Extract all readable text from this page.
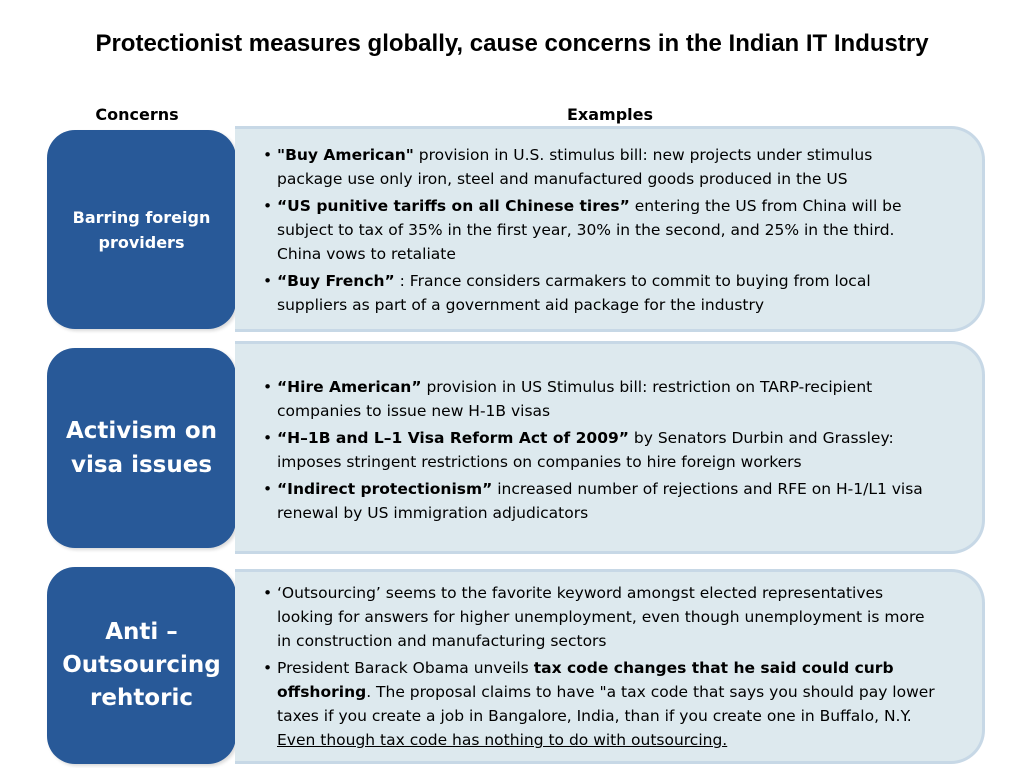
Protectionist measures globally, cause concerns in the Indian IT Industry
Concerns	Examples
Barring foreign
providers
• "Buy American" provision in U.S. stimulus bill: new projects under stimulus package use only iron, steel and manufactured goods produced in the US
• “US punitive tariffs on all Chinese tires” entering the US from China will be subject to tax of 35% in the first year, 30% in the second, and 25% in the third. China vows to retaliate
• “Buy French” : France considers carmakers to commit to buying from local suppliers as part of a government aid package for the industry
Activism on
visa issues
• “Hire American” provision in US Stimulus bill: restriction on TARP-recipient companies to issue new H-1B visas
• “H–1B and L–1 Visa Reform Act of 2009” by Senators Durbin and Grassley: imposes stringent restrictions on companies to hire foreign workers
• “Indirect protectionism” increased number of rejections and RFE on H-1/L1 visa renewal by US immigration adjudicators
Anti –
Outsourcing
rehtoric
• ‘Outsourcing’ seems to the favorite keyword amongst elected representatives looking for answers for higher unemployment, even though unemployment is more in construction and manufacturing sectors
• President Barack Obama unveils tax code changes that he said could curb offshoring. The proposal claims to have "a tax code that says you should pay lower taxes if you create a job in Bangalore, India, than if you create one in Buffalo, N.Y. Even though tax code has nothing to do with outsourcing.
